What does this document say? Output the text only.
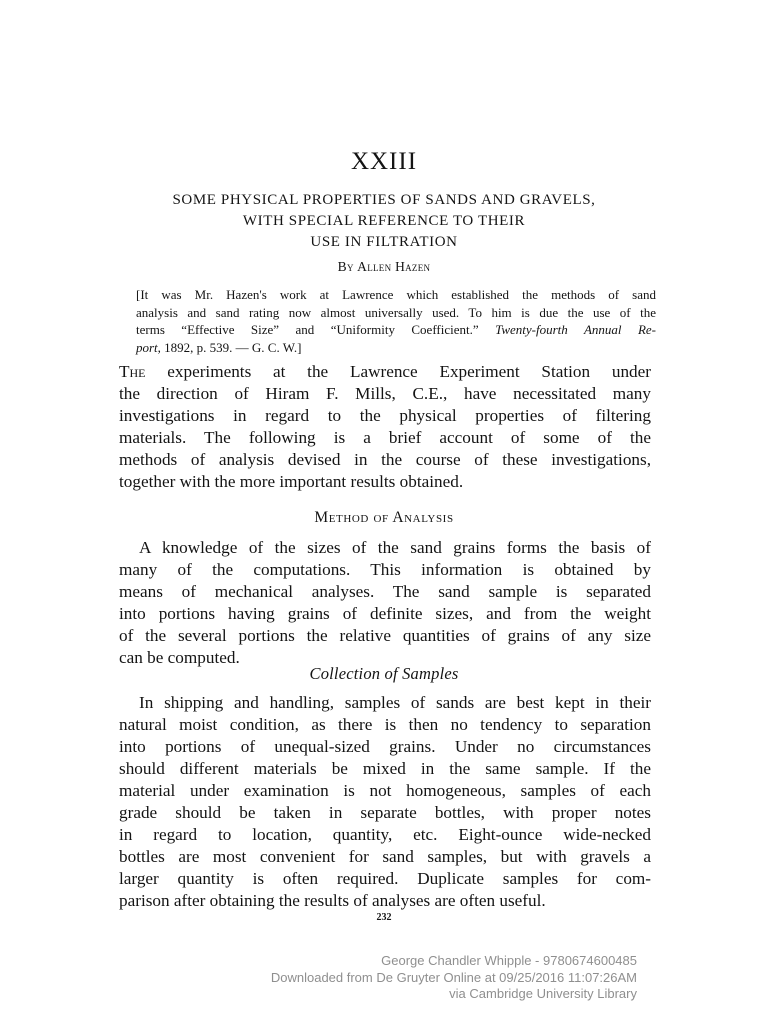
XXIII
SOME PHYSICAL PROPERTIES OF SANDS AND GRAVELS,
WITH SPECIAL REFERENCE TO THEIR
USE IN FILTRATION
By Allen Hazen
[It was Mr. Hazen's work at Lawrence which established the methods of sand
analysis and sand rating now almost universally used. To him is due the use of the
terms “Effective Size” and “Uniformity Coefficient.” Twenty-fourth Annual Re-
port, 1892, p. 539. — G. C. W.]
The experiments at the Lawrence Experiment Station under
the direction of Hiram F. Mills, C.E., have necessitated many
investigations in regard to the physical properties of filtering
materials. The following is a brief account of some of the
methods of analysis devised in the course of these investigations,
together with the more important results obtained.
Method of Analysis
A knowledge of the sizes of the sand grains forms the basis of
many of the computations. This information is obtained by
means of mechanical analyses. The sand sample is separated
into portions having grains of definite sizes, and from the weight
of the several portions the relative quantities of grains of any size
can be computed.
Collection of Samples
In shipping and handling, samples of sands are best kept in their
natural moist condition, as there is then no tendency to separation
into portions of unequal-sized grains. Under no circumstances
should different materials be mixed in the same sample. If the
material under examination is not homogeneous, samples of each
grade should be taken in separate bottles, with proper notes
in regard to location, quantity, etc. Eight-ounce wide-necked
bottles are most convenient for sand samples, but with gravels a
larger quantity is often required. Duplicate samples for com-
parison after obtaining the results of analyses are often useful.
232
George Chandler Whipple - 9780674600485
Downloaded from De Gruyter Online at 09/25/2016 11:07:26AM
via Cambridge University Library
